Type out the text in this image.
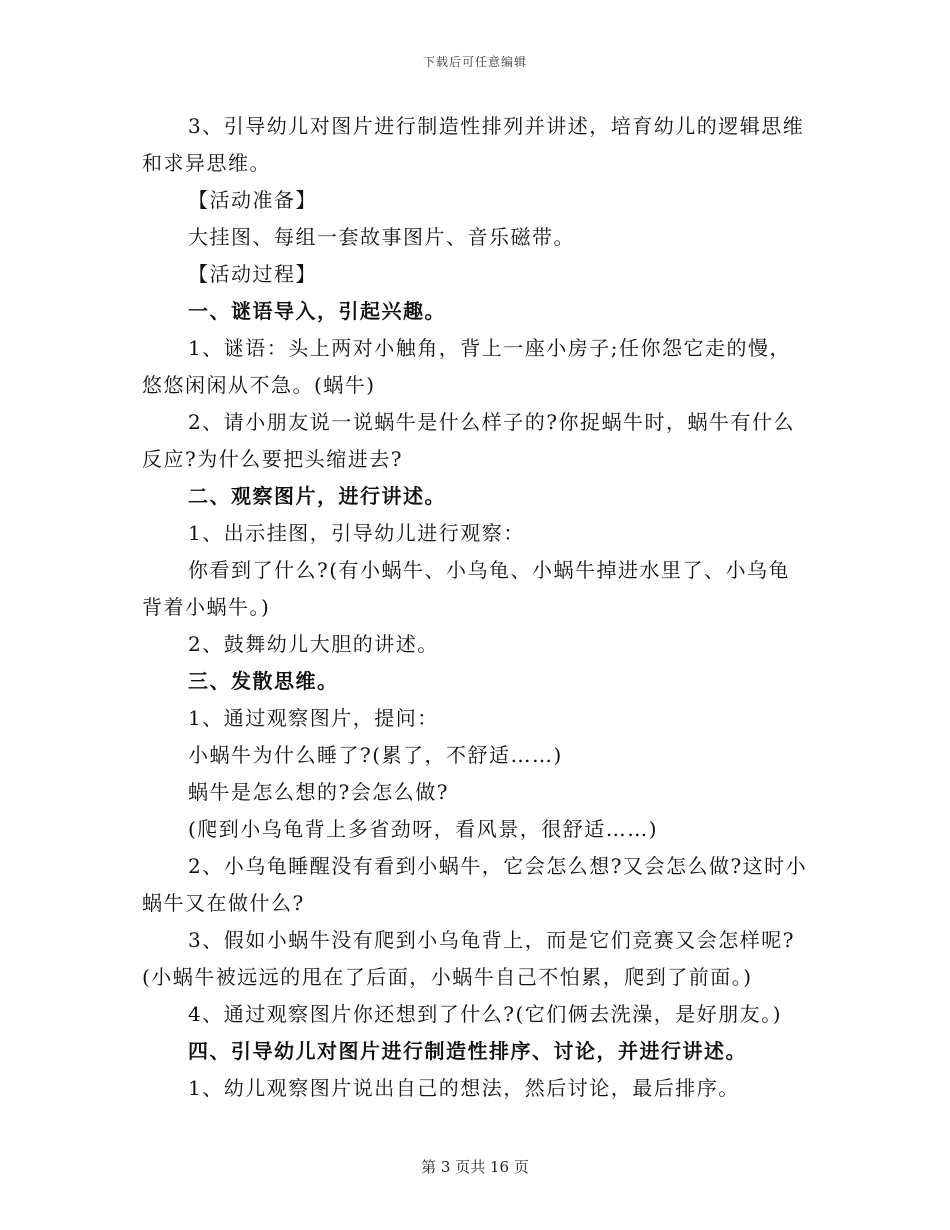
下载后可任意编辑

3、引导幼儿对图片进行制造性排列并讲述，培育幼儿的逻辑思维和求异思维。

【活动准备】

大挂图、每组一套故事图片、音乐磁带。

【活动过程】

一、谜语导入，引起兴趣。

1、谜语：头上两对小触角，背上一座小房子;任你怨它走的慢，悠悠闲闲从不急。(蜗牛)

2、请小朋友说一说蜗牛是什么样子的?你捉蜗牛时，蜗牛有什么反应?为什么要把头缩进去?

二、观察图片，进行讲述。

1、出示挂图，引导幼儿进行观察：

你看到了什么?(有小蜗牛、小乌龟、小蜗牛掉进水里了、小乌龟背着小蜗牛。)

2、鼓舞幼儿大胆的讲述。

三、发散思维。

1、通过观察图片，提问：

小蜗牛为什么睡了?(累了，不舒适……)

蜗牛是怎么想的?会怎么做?

(爬到小乌龟背上多省劲呀，看风景，很舒适……)

2、小乌龟睡醒没有看到小蜗牛，它会怎么想?又会怎么做?这时小蜗牛又在做什么?

3、假如小蜗牛没有爬到小乌龟背上，而是它们竞赛又会怎样呢?(小蜗牛被远远的甩在了后面，小蜗牛自己不怕累，爬到了前面。)

4、通过观察图片你还想到了什么?(它们俩去洗澡，是好朋友。)

四、引导幼儿对图片进行制造性排序、讨论，并进行讲述。

1、幼儿观察图片说出自己的想法，然后讨论，最后排序。

第 3 页共 16 页
